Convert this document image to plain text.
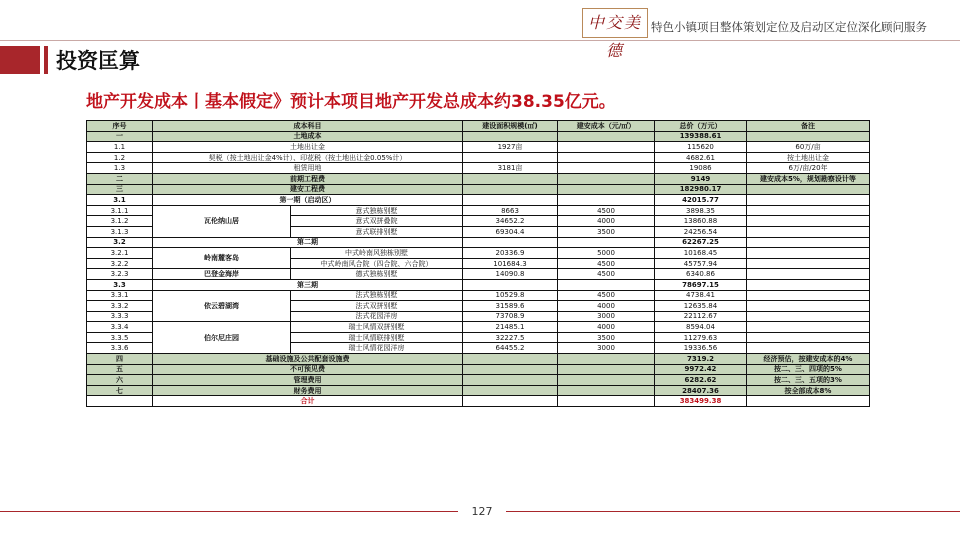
中交美德
特色小镇项目整体策划定位及启动区定位深化顾问服务
投资匡算
地产开发成本丨基本假定》预计本项目地产开发总成本约38.35亿元。
序号	成本科目		建设面积规模(㎡)	建安成本（元/㎡）	总价（万元）	备注
一	土地成本				139388.61	
1.1	土地出让金		1927亩		115620	60万/亩
1.2	契税（按土地出让金4%计）、印花税（按土地出让金0.05%计）				4682.61	按土地出让金
1.3	租赁用地		3181亩		19086	6万/亩/20年
二	前期工程费				9149	建安成本5%，规划勘察设计等
三	建安工程费				182980.17	
3.1	第一期（启动区）				42015.77	
3.1.1	瓦伦纳山居	意式独栋别墅	8663	4500	3898.35	
3.1.2		意式双拼叠院	34652.2	4000	13860.88	
3.1.3		意式联排别墅	69304.4	3500	24256.54	
3.2	第二期				62267.25	
3.2.1	岭南麓客岛	中式岭南风独栋别墅	20336.9	5000	10168.45	
3.2.2		中式岭南风合院（四合院、六合院）	101684.3	4500	45757.94	
3.2.3	巴登金海岸	德式独栋别墅	14090.8	4500	6340.86	
3.3	第三期				78697.15	
3.3.1	依云碧湖湾	法式独栋别墅	10529.8	4500	4738.41	
3.3.2		法式双拼别墅	31589.6	4000	12635.84	
3.3.3		法式花园洋房	73708.9	3000	22112.67	
3.3.4	伯尔尼庄园	瑞士风情双拼别墅	21485.1	4000	8594.04	
3.3.5		瑞士风情联排别墅	32227.5	3500	11279.63	
3.3.6		瑞士风情花园洋房	64455.2	3000	19336.56	
四	基础设施及公共配套设施费				7319.2	经济预估，按建安成本的4%
五	不可预见费				9972.42	按二、三、四项的5%
六	管理费用				6282.62	按二、三、五项的3%
七	财务费用				28407.36	按全部成本8%
	合计				383499.38	
127
